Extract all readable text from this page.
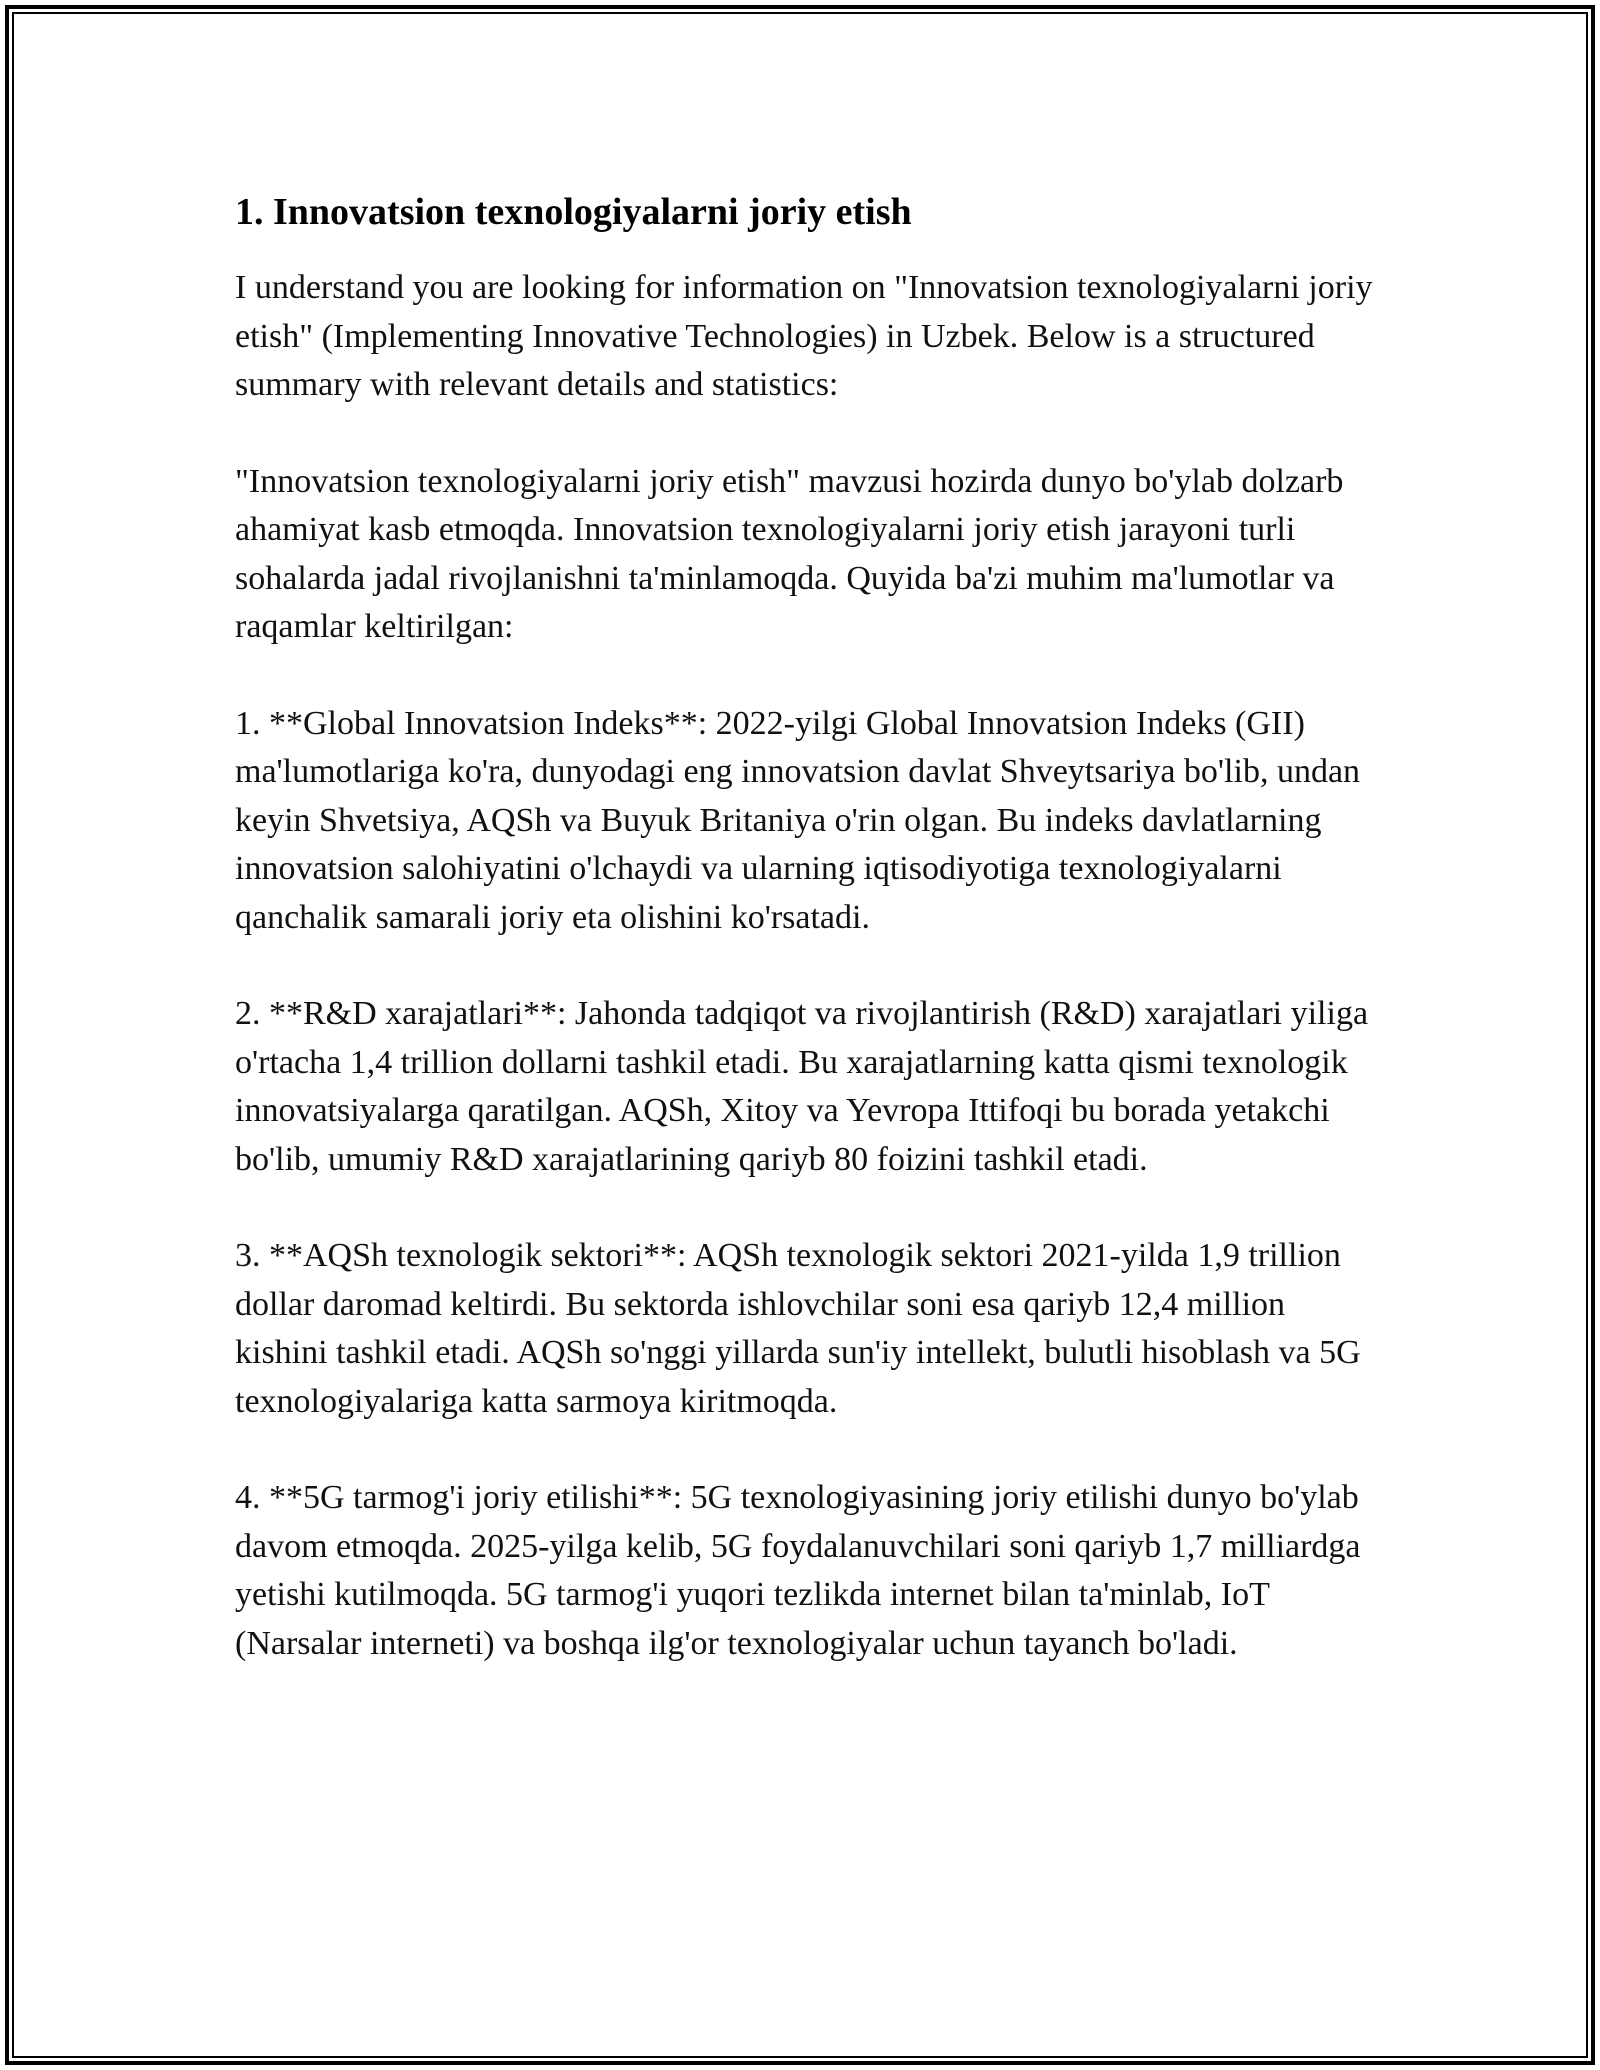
1. Innovatsion texnologiyalarni joriy etish

I understand you are looking for information on "Innovatsion texnologiyalarni joriy etish" (Implementing Innovative Technologies) in Uzbek. Below is a structured summary with relevant details and statistics:

"Innovatsion texnologiyalarni joriy etish" mavzusi hozirda dunyo bo'ylab dolzarb ahamiyat kasb etmoqda. Innovatsion texnologiyalarni joriy etish jarayoni turli sohalarda jadal rivojlanishni ta'minlamoqda. Quyida ba'zi muhim ma'lumotlar va raqamlar keltirilgan:

1. **Global Innovatsion Indeks**: 2022-yilgi Global Innovatsion Indeks (GII) ma'lumotlariga ko'ra, dunyodagi eng innovatsion davlat Shveytsariya bo'lib, undan keyin Shvetsiya, AQSh va Buyuk Britaniya o'rin olgan. Bu indeks davlatlarning innovatsion salohiyatini o'lchaydi va ularning iqtisodiyotiga texnologiyalarni qanchalik samarali joriy eta olishini ko'rsatadi.

2. **R&D xarajatlari**: Jahonda tadqiqot va rivojlantirish (R&D) xarajatlari yiliga o'rtacha 1,4 trillion dollarni tashkil etadi. Bu xarajatlarning katta qismi texnologik innovatsiyalarga qaratilgan. AQSh, Xitoy va Yevropa Ittifoqi bu borada yetakchi bo'lib, umumiy R&D xarajatlarining qariyb 80 foizini tashkil etadi.

3. **AQSh texnologik sektori**: AQSh texnologik sektori 2021-yilda 1,9 trillion dollar daromad keltirdi. Bu sektorda ishlovchilar soni esa qariyb 12,4 million kishini tashkil etadi. AQSh so'nggi yillarda sun'iy intellekt, bulutli hisoblash va 5G texnologiyalariga katta sarmoya kiritmoqda.

4. **5G tarmog'i joriy etilishi**: 5G texnologiyasining joriy etilishi dunyo bo'ylab davom etmoqda. 2025-yilga kelib, 5G foydalanuvchilari soni qariyb 1,7 milliardga yetishi kutilmoqda. 5G tarmog'i yuqori tezlikda internet bilan ta'minlab, IoT (Narsalar interneti) va boshqa ilg'or texnologiyalar uchun tayanch bo'ladi.
